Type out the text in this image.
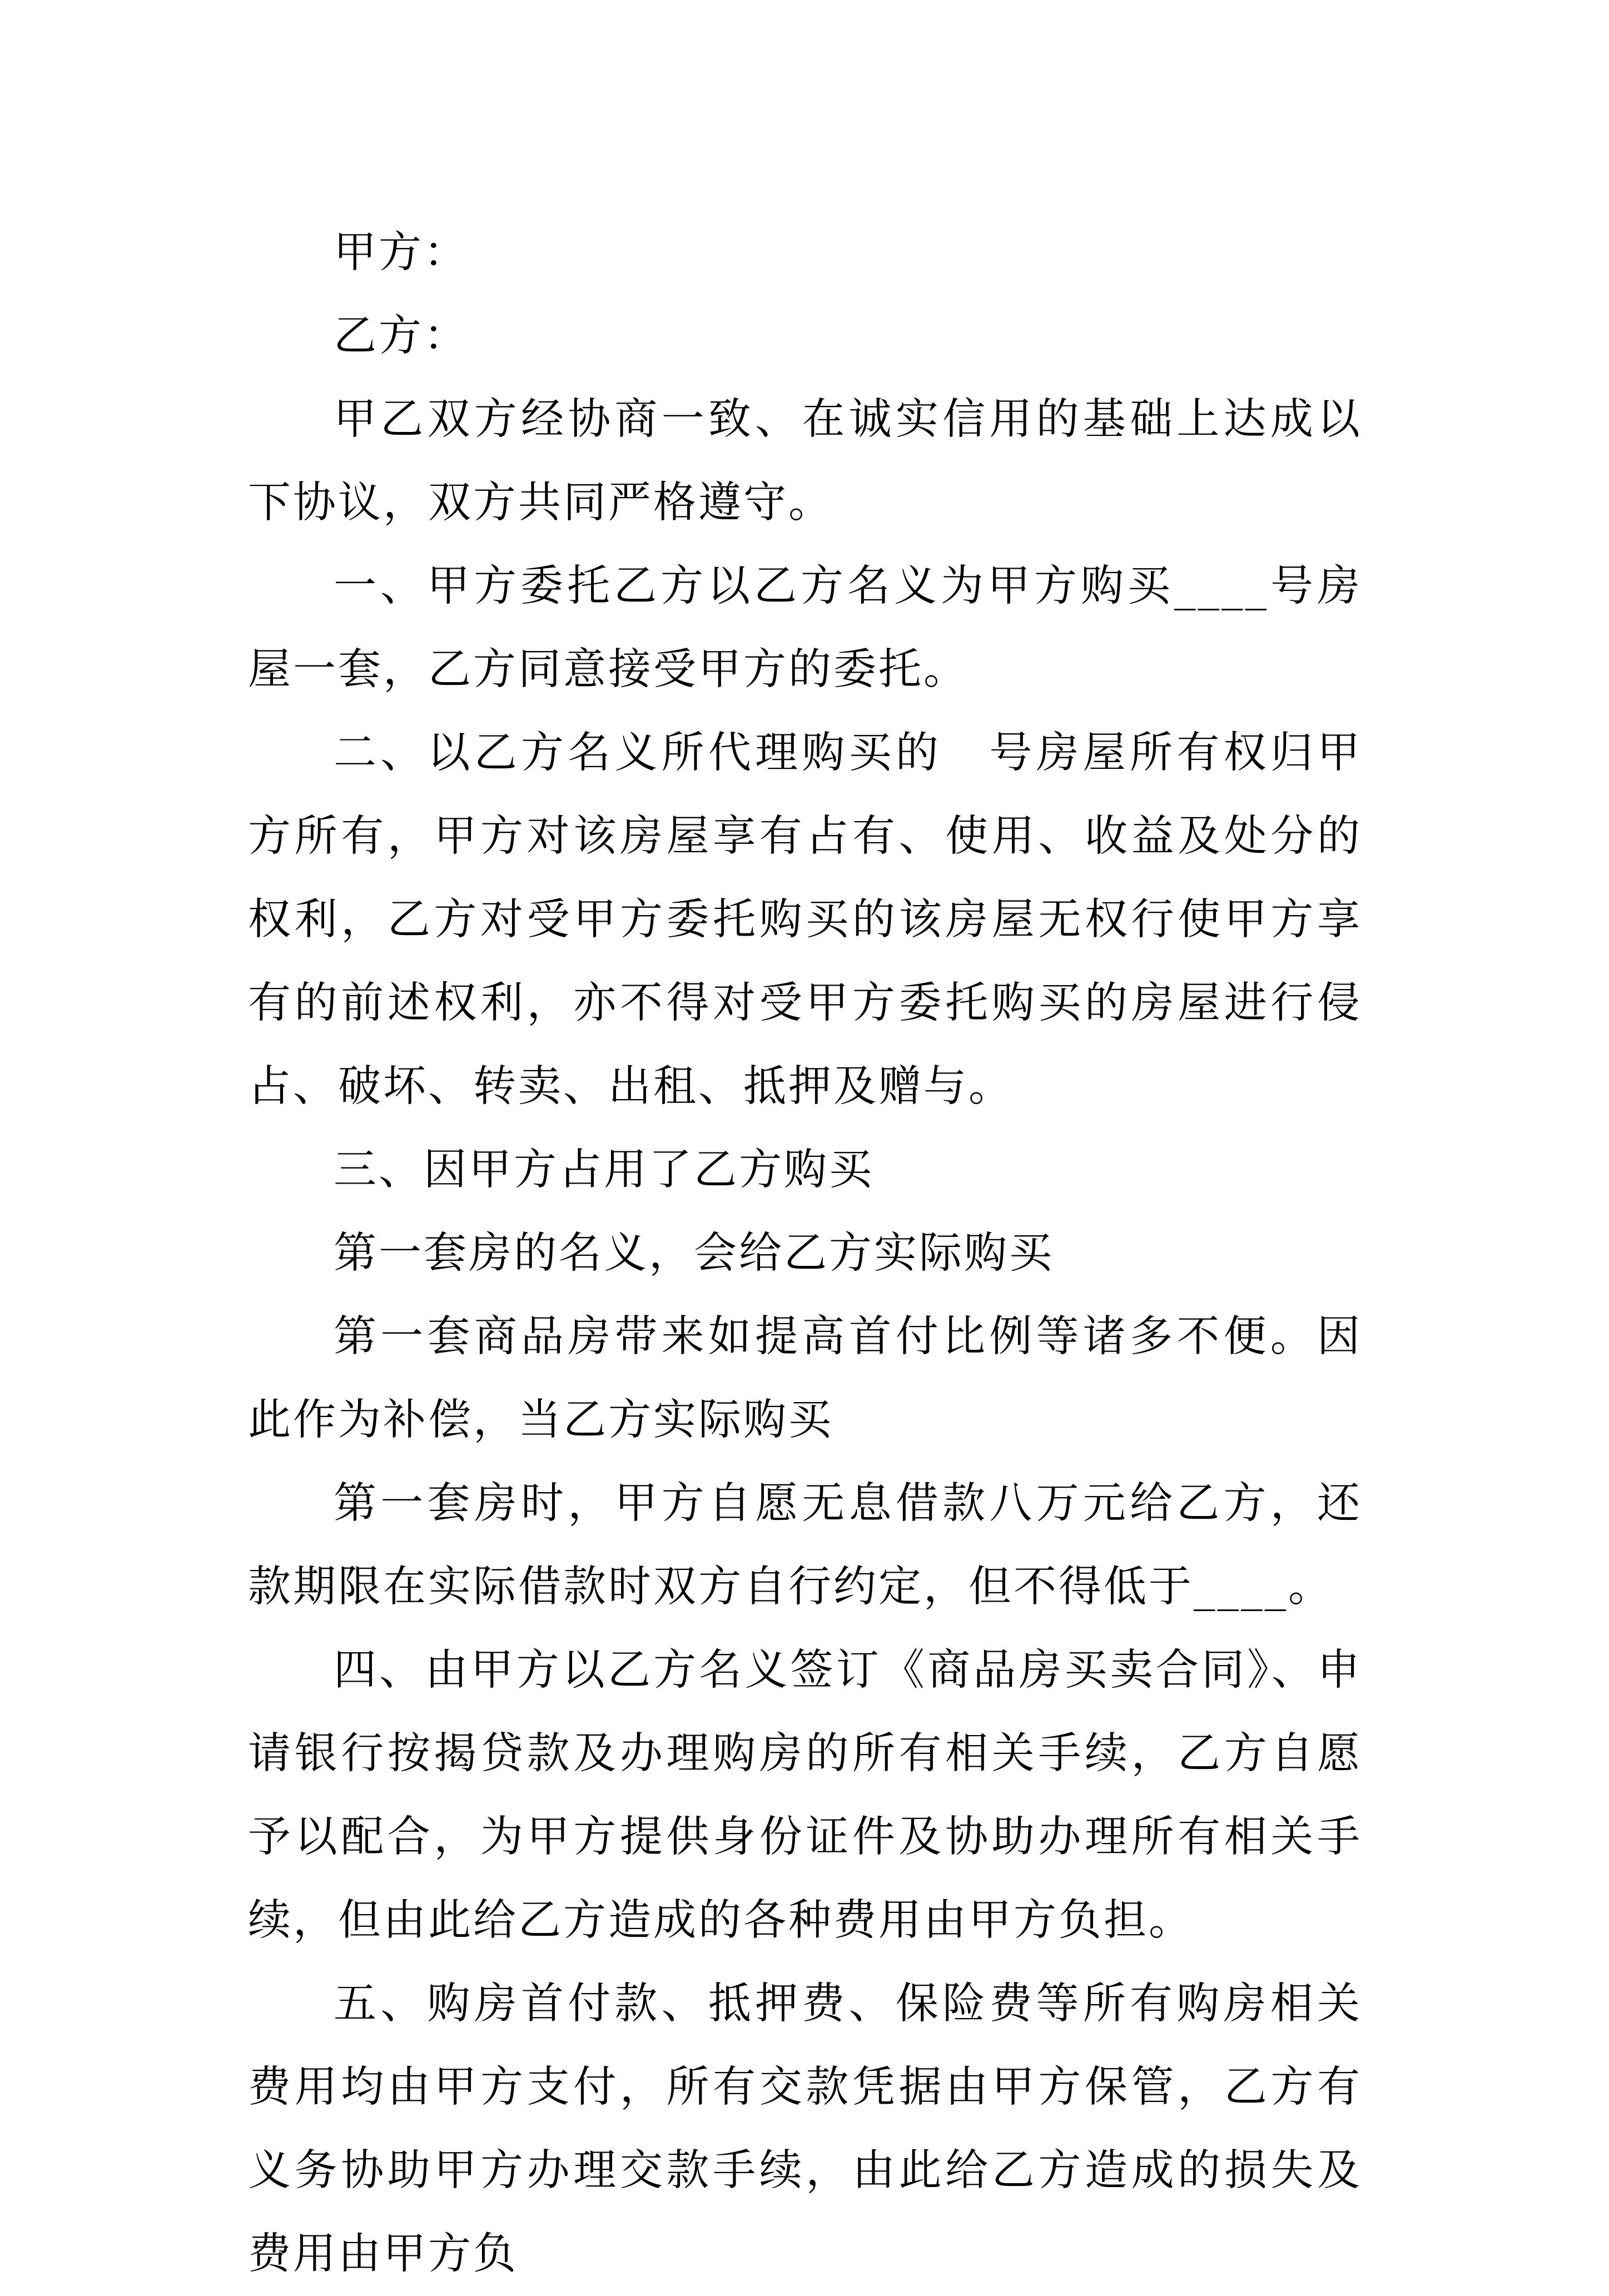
甲方：

乙方：

甲乙双方经协商一致、在诚实信用的基础上达成以下协议，双方共同严格遵守。

一、甲方委托乙方以乙方名义为甲方购买____号房屋一套，乙方同意接受甲方的委托。

二、以乙方名义所代理购买的　号房屋所有权归甲方所有，甲方对该房屋享有占有、使用、收益及处分的权利，乙方对受甲方委托购买的该房屋无权行使甲方享有的前述权利，亦不得对受甲方委托购买的房屋进行侵占、破坏、转卖、出租、抵押及赠与。

三、因甲方占用了乙方购买

第一套房的名义，会给乙方实际购买

第一套商品房带来如提高首付比例等诸多不便。因此作为补偿，当乙方实际购买

第一套房时，甲方自愿无息借款八万元给乙方，还款期限在实际借款时双方自行约定，但不得低于____。

四、由甲方以乙方名义签订《商品房买卖合同》、申请银行按揭贷款及办理购房的所有相关手续，乙方自愿予以配合，为甲方提供身份证件及协助办理所有相关手续，但由此给乙方造成的各种费用由甲方负担。

五、购房首付款、抵押费、保险费等所有购房相关费用均由甲方支付，所有交款凭据由甲方保管，乙方有义务协助甲方办理交款手续，由此给乙方造成的损失及费用由甲方负
